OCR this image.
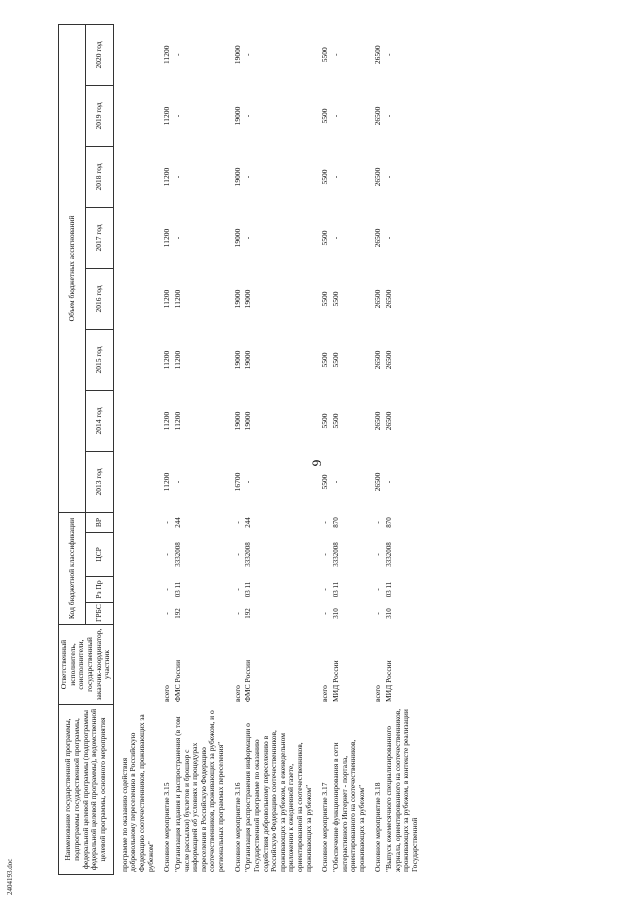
9
2404193.doc
Наименование государственной программы, подпрограммы государственной программы, федеральной целевой программы (подпрограммы федеральной целевой программы), ведомственной целевой программы, основного мероприятия	Ответственный исполнитель, соисполнители, государственный заказчик-координатор, участник	Код бюджетной классификации				Объем бюджетных ассигнований							
		ГРБС	Рз Пр	ЦСР	ВР	2013 год	2014 год	2015 год	2016 год	2017 год	2018 год	2019 год	2020 год

программе по оказанию содействия добровольному переселению в Российскую Федерацию соотечественников, проживающих за рубежом"													

Основное мероприятие 3.15	всего	-	-	-	-	11200	11200	11200	11200	11200	11200	11200	11200
"Организация издания и распространения (в том числе рассылки) буклетов и брошюр с информацией об условиях и процедурах переселения в Российскую Федерацию соотечественников, проживающих за рубежом, и о региональных программах переселения"	ФМС России	192	03 11	3332008	244	-	11200	11200	11200	-	-	-	-

Основное мероприятие 3.16	всего	-	-	-	-	16700	19000	19000	19000	19000	19000	19000	19000
"Организация распространения информации о Государственной программе по оказанию содействия добровольному переселению в Российскую Федерацию соотечественников, проживающих за рубежом, в еженедельном приложении к ежедневной газете, ориентированной на соотечественников, проживающих за рубежом"	ФМС России	192	03 11	3332008	244	-	19000	19000	19000	-	-	-	-

Основное мероприятие 3.17	всего	-	-	-	-	5500	5500	5500	5500	5500	5500	5500	5500
"Обеспечение функционирования в сети интерактивного Интернет - портала, ориентированного на соотечественников, проживающих за рубежом"	МИД России	310	03 11	3332008	870	-	5500	5500	5500	-	-	-	-

Основное мероприятие 3.18	всего	-	-	-	-	26500	26500	26500	26500	26500	26500	26500	26500
"Выпуск ежемесячного специализированного журнала, ориентированного на соотечественников, проживающих за рубежом, в контексте реализации Государственной	МИД России	310	03 11	3332008	870	-	26500	26500	26500	-	-	-	-
